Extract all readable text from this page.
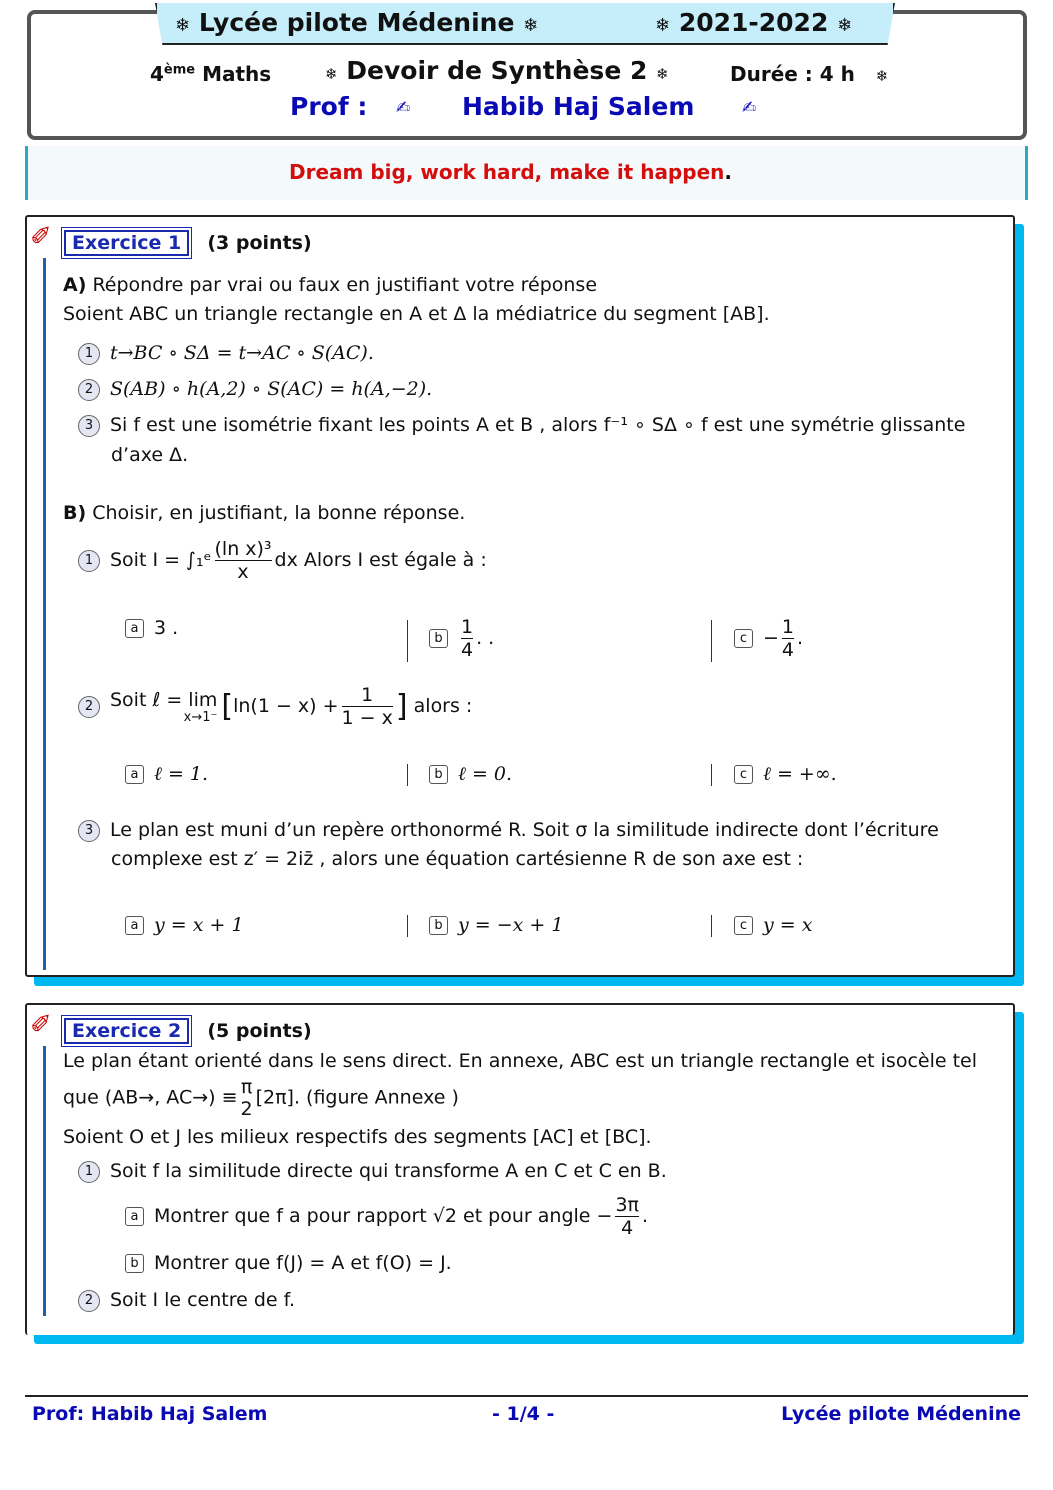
❄ Lycée pilote Médenine ❄	❄ 2021-2022 ❄
4ème Maths	❄ Devoir de Synthèse 2 ❄	Durée : 4 h ❄
Prof : ✍ Habib Haj Salem	✍
Dream big, work hard, make it happen.
✐	Exercice 1 (3 points)
A) Répondre par vrai ou faux en justifiant votre réponse
Soient ABC un triangle rectangle en A et Δ la médiatrice du segment [AB].
1 t→BC ∘ SΔ = t→AC ∘ S(AC).
2 S(AB) ∘ h(A,2) ∘ S(AC) = h(A,−2).
3 Si f est une isométrie fixant les points A et B , alors f⁻¹ ∘ SΔ ∘ f est une symétrie glissante
d’axe Δ.
B) Choisir, en justifiant, la bonne réponse.
1 Soit I = ∫₁ᵉ $\frac{\text{(ln x)³}}{x}$ dx Alors I est égale à :
a 3 .	b $\frac{1}{4}$ . .	$c - \frac{1}{4}$ .
2 Soit ℓ = lim
x→1⁻ [$\ln(1 - x) + \frac{1}{1 - x}$ ] alors :
a ℓ = 1.	b ℓ = 0.	c ℓ = +∞.
3 Le plan est muni d’un repère orthonormé R. Soit σ la similitude indirecte dont l’écriture
complexe est z′ = 2iz̄ , alors une équation cartésienne R de son axe est :
a y = x + 1	b y = −x + 1	c y = x
✐	Exercice 2 (5 points)
Le plan étant orienté dans le sens direct. En annexe, ABC est un triangle rectangle et isocèle tel
que (AB→, AC→) ≡ π
2
[2π]. (figure Annexe )
Soient O et J les milieux respectifs des segments [AC] et [BC].
1 Soit f la similitude directe qui transforme A en C et C en B.
a Montrer que f a pour rapport √2 et pour angle − $\frac{3\pi}{4}$ .
b Montrer que f(J) = A et f(O) = J.
2 Soit I le centre de f.
Prof: Habib Haj Salem	- 1/4 -	Lycée pilote Médenine
